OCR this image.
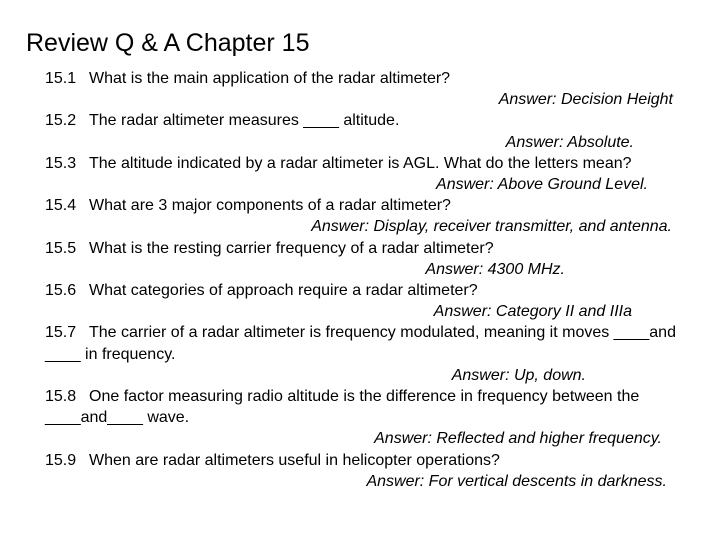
Review Q & A Chapter 15
15.1 What is the main application of the radar altimeter?
Answer: Decision Height
15.2 The radar altimeter measures ____ altitude.
Answer: Absolute.
15.3 The altitude indicated by a radar altimeter is AGL. What do the letters mean?
Answer: Above Ground Level.
15.4 What are 3 major components of a radar altimeter?
Answer: Display, receiver transmitter, and antenna.
15.5 What is the resting carrier frequency of a radar altimeter?
Answer: 4300 MHz.
15.6 What categories of approach require a radar altimeter?
Answer: Category II and IIIa
15.7 The carrier of a radar altimeter is frequency modulated, meaning it moves ____and ____ in frequency.
Answer: Up, down.
15.8 One factor measuring radio altitude is the difference in frequency between the ____and____ wave.
Answer: Reflected and higher frequency.
15.9 When are radar altimeters useful in helicopter operations?
Answer: For vertical descents in darkness.
